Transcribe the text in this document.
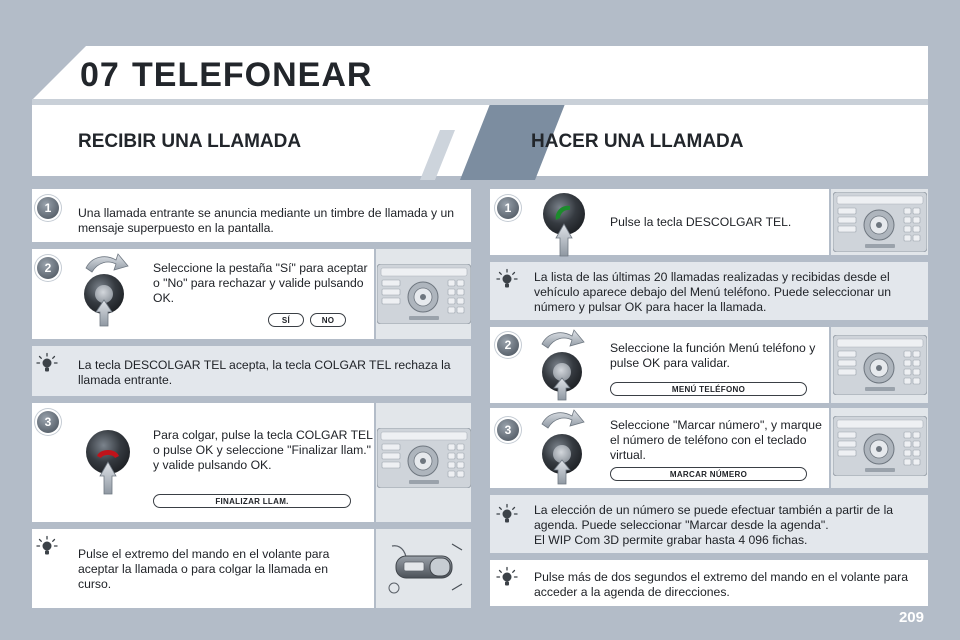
07 TELEFONEAR
RECIBIR UNA LLAMADA	HACER UNA LLAMADA
1	Una llamada entrante se anuncia mediante un timbre de llamada y un mensaje superpuesto en la pantalla.
2	Seleccione la pestaña "Sí" para aceptar o "No" para rechazar y valide pulsando OK.
SÍ	NO
La tecla DESCOLGAR TEL acepta, la tecla COLGAR TEL rechaza la llamada entrante.
3
Para colgar, pulse la tecla COLGAR TEL o pulse OK y seleccione "Finalizar llam." y valide pulsando OK.
FINALIZAR LLAM.
Pulse el extremo del mando en el volante para aceptar la llamada o para colgar la llamada en curso.
1
Pulse la tecla DESCOLGAR TEL.
La lista de las últimas 20 llamadas realizadas y recibidas desde el vehículo aparece debajo del Menú teléfono. Puede seleccionar un número y pulsar OK para hacer la llamada.
2	Seleccione la función Menú teléfono y pulse OK para validar.
MENÚ TELÉFONO
3	Seleccione "Marcar número", y marque el número de teléfono con el teclado virtual.
MARCAR NÚMERO
La elección de un número se puede efectuar también a partir de la agenda. Puede seleccionar "Marcar desde la agenda".
El WIP Com 3D permite grabar hasta 4 096 fichas.
Pulse más de dos segundos el extremo del mando en el volante para acceder a la agenda de direcciones.
209
